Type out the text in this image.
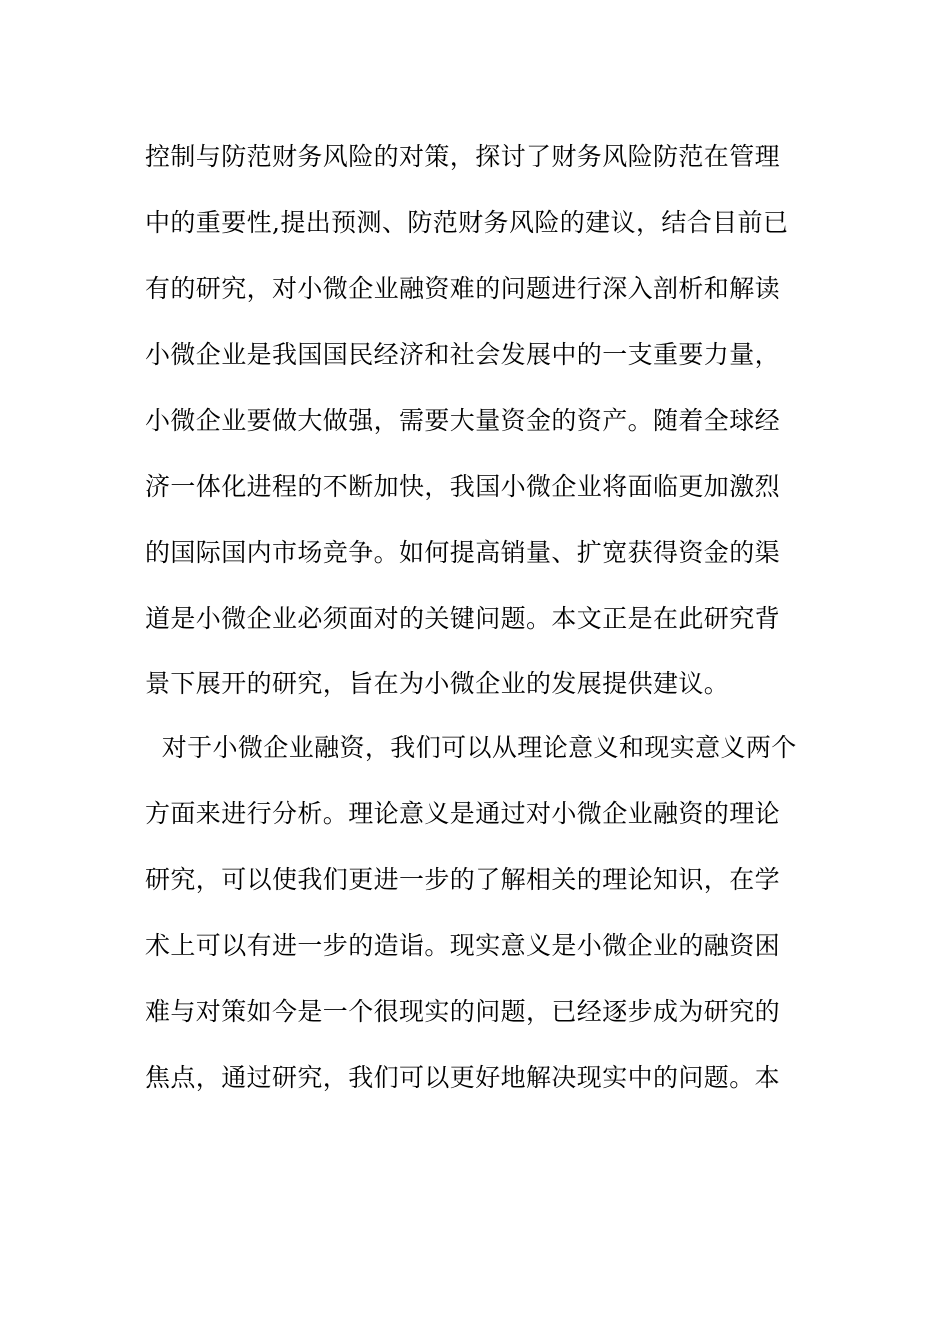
控制与防范财务风险的对策，探讨了财务风险防范在管理
中的重要性,提出预测、防范财务风险的建议，结合目前已
有的研究，对小微企业融资难的问题进行深入剖析和解读
小微企业是我国国民经济和社会发展中的一支重要力量，
小微企业要做大做强，需要大量资金的资产。随着全球经
济一体化进程的不断加快，我国小微企业将面临更加激烈
的国际国内市场竞争。如何提高销量、扩宽获得资金的渠
道是小微企业必须面对的关键问题。本文正是在此研究背
景下展开的研究，旨在为小微企业的发展提供建议。
对于小微企业融资，我们可以从理论意义和现实意义两个
方面来进行分析。理论意义是通过对小微企业融资的理论
研究，可以使我们更进一步的了解相关的理论知识，在学
术上可以有进一步的造诣。现实意义是小微企业的融资困
难与对策如今是一个很现实的问题，已经逐步成为研究的
焦点，通过研究，我们可以更好地解决现实中的问题。本
